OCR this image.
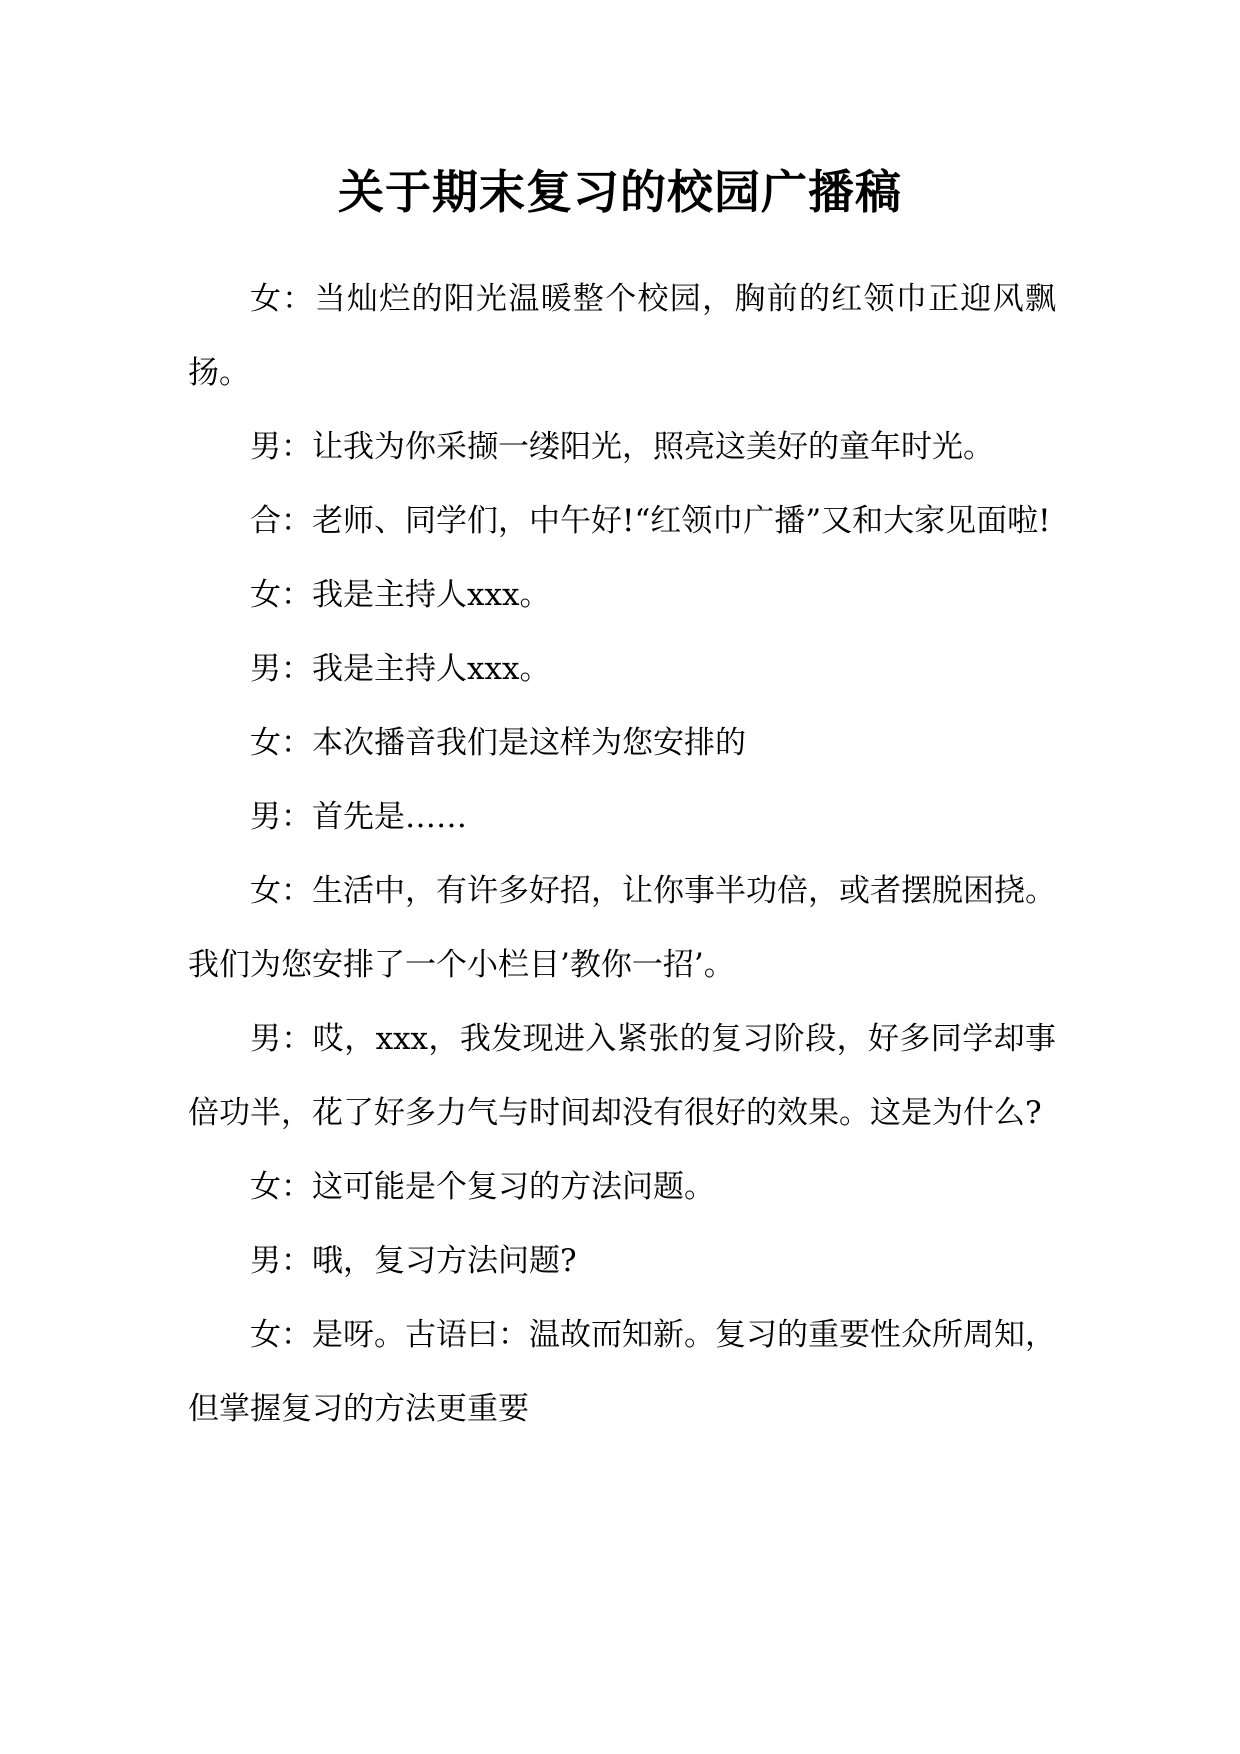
关于期末复习的校园广播稿

女：当灿烂的阳光温暖整个校园，胸前的红领巾正迎风飘扬。

男：让我为你采撷一缕阳光，照亮这美好的童年时光。

合：老师、同学们，中午好!“红领巾广播”又和大家见面啦!

女：我是主持人xxx。

男：我是主持人xxx。

女：本次播音我们是这样为您安排的

男：首先是……

女：生活中，有许多好招，让你事半功倍，或者摆脱困挠。我们为您安排了一个小栏目’教你一招’。

男：哎，xxx，我发现进入紧张的复习阶段，好多同学却事倍功半，花了好多力气与时间却没有很好的效果。这是为什么?

女：这可能是个复习的方法问题。

男：哦，复习方法问题?

女：是呀。古语曰：温故而知新。复习的重要性众所周知，但掌握复习的方法更重要
